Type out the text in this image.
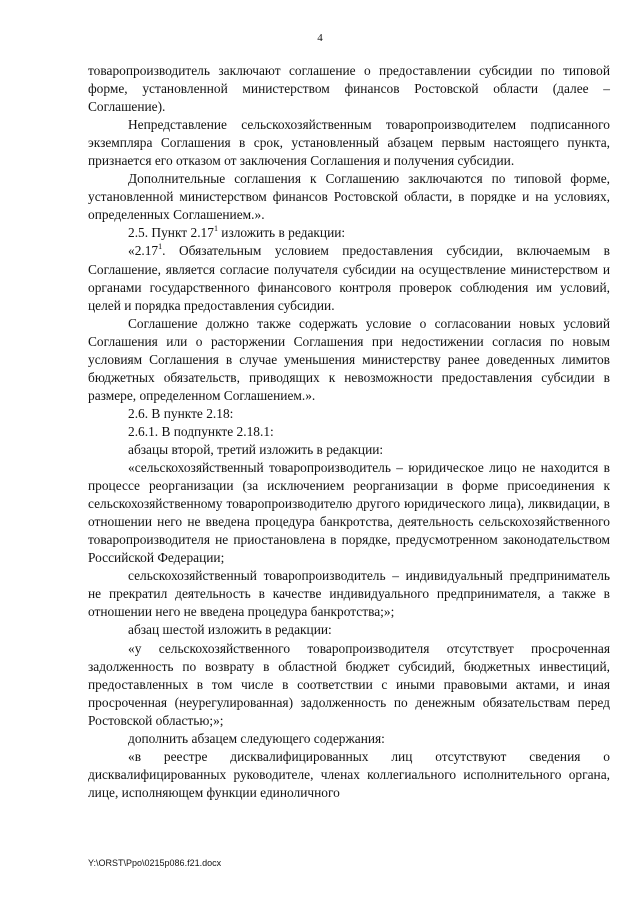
4

товаропроизводитель заключают соглашение о предоставлении субсидии по типовой форме, установленной министерством финансов Ростовской области (далее – Соглашение).

Непредставление сельскохозяйственным товаропроизводителем подписанного экземпляра Соглашения в срок, установленный абзацем первым настоящего пункта, признается его отказом от заключения Соглашения и получения субсидии.

Дополнительные соглашения к Соглашению заключаются по типовой форме, установленной министерством финансов Ростовской области, в порядке и на условиях, определенных Соглашением.».

2.5. Пункт 2.17$^1$ изложить в редакции:

«2.17$^1$. Обязательным условием предоставления субсидии, включаемым в Соглашение, является согласие получателя субсидии на осуществление министерством и органами государственного финансового контроля проверок соблюдения им условий, целей и порядка предоставления субсидии.

Соглашение должно также содержать условие о согласовании новых условий Соглашения или о расторжении Соглашения при недостижении согласия по новым условиям Соглашения в случае уменьшения министерству ранее доведенных лимитов бюджетных обязательств, приводящих к невозможности предоставления субсидии в размере, определенном Соглашением.».

2.6. В пункте 2.18:

2.6.1. В подпункте 2.18.1:

абзацы второй, третий изложить в редакции:

«сельскохозяйственный товаропроизводитель – юридическое лицо не находится в процессе реорганизации (за исключением реорганизации в форме присоединения к сельскохозяйственному товаропроизводителю другого юридического лица), ликвидации, в отношении него не введена процедура банкротства, деятельность сельскохозяйственного товаропроизводителя не приостановлена в порядке, предусмотренном законодательством Российской Федерации;

сельскохозяйственный товаропроизводитель – индивидуальный предприниматель не прекратил деятельность в качестве индивидуального предпринимателя, а также в отношении него не введена процедура банкротства;»;

абзац шестой изложить в редакции:

«у сельскохозяйственного товаропроизводителя отсутствует просроченная задолженность по возврату в областной бюджет субсидий, бюджетных инвестиций, предоставленных в том числе в соответствии с иными правовыми актами, и иная просроченная (неурегулированная) задолженность по денежным обязательствам перед Ростовской областью;»;

дополнить абзацем следующего содержания:

«в реестре дисквалифицированных лиц отсутствуют сведения о дисквалифицированных руководителе, членах коллегиального исполнительного органа, лице, исполняющем функции единоличного

Y:\ORST\Ppo\0215p086.f21.docx
